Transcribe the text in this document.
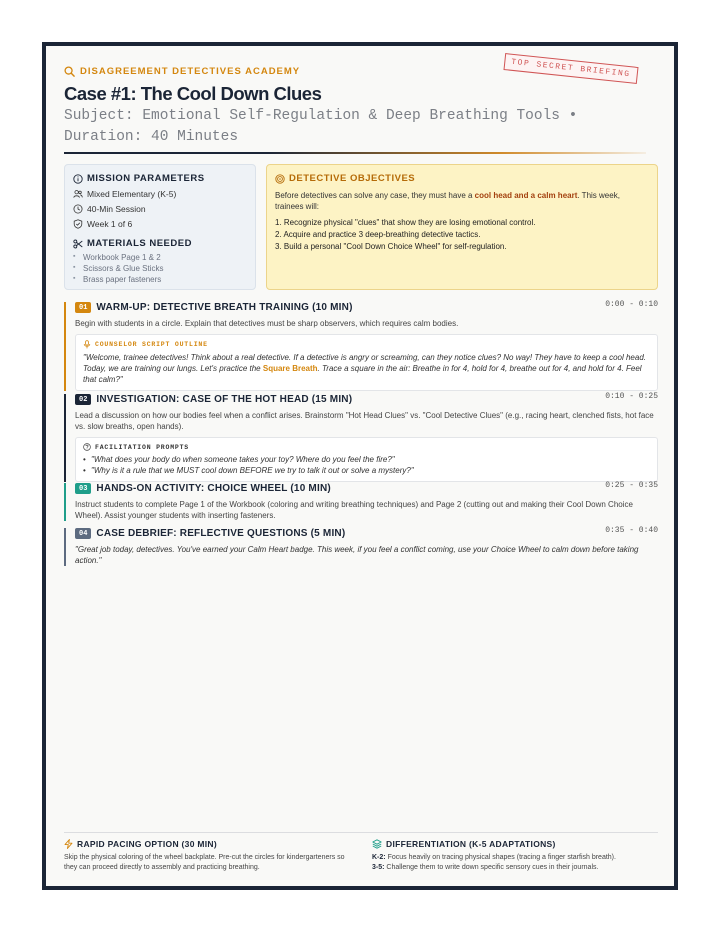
TOP SECRET BRIEFING
DISAGREEMENT DETECTIVES ACADEMY
Case #1: The Cool Down Clues
Subject: Emotional Self-Regulation & Deep Breathing Tools • Duration: 40 Minutes
MISSION PARAMETERS
Mixed Elementary (K-5)
40-Min Session
Week 1 of 6
MATERIALS NEEDED
▪ Workbook Page 1 & 2
▪ Scissors & Glue Sticks
▪ Brass paper fasteners
DETECTIVE OBJECTIVES
Before detectives can solve any case, they must have a cool head and a calm heart. This week, trainees will:
1. Recognize physical "clues" that show they are losing emotional control.
2. Acquire and practice 3 deep-breathing detective tactics.
3. Build a personal "Cool Down Choice Wheel" for self-regulation.
01 WARM-UP: DETECTIVE BREATH TRAINING (10 MIN)	0:00 - 0:10
Begin with students in a circle. Explain that detectives must be sharp observers, which requires calm bodies.
COUNSELOR SCRIPT OUTLINE
"Welcome, trainee detectives! Think about a real detective. If a detective is angry or screaming, can they notice clues? No way! They have to keep a cool head. Today, we are training our lungs. Let's practice the Square Breath. Trace a square in the air: Breathe in for 4, hold for 4, breathe out for 4, and hold for 4. Feel that calm?"
02 INVESTIGATION: CASE OF THE HOT HEAD (15 MIN)	0:10 - 0:25
Lead a discussion on how our bodies feel when a conflict arises. Brainstorm "Hot Head Clues" vs. "Cool Detective Clues" (e.g., racing heart, clenched fists, hot face vs. slow breaths, open hands).
FACILITATION PROMPTS
• "What does your body do when someone takes your toy? Where do you feel the fire?"
• "Why is it a rule that we MUST cool down BEFORE we try to talk it out or solve a mystery?"
03 HANDS-ON ACTIVITY: CHOICE WHEEL (10 MIN)	0:25 - 0:35
Instruct students to complete Page 1 of the Workbook (coloring and writing breathing techniques) and Page 2 (cutting out and making their Cool Down Choice Wheel). Assist younger students with inserting fasteners.
04 CASE DEBRIEF: REFLECTIVE QUESTIONS (5 MIN)	0:35 - 0:40
"Great job today, detectives. You've earned your Calm Heart badge. This week, if you feel a conflict coming, use your Choice Wheel to calm down before taking action."
RAPID PACING OPTION (30 MIN)
Skip the physical coloring of the wheel backplate. Pre-cut the circles for kindergarteners so they can proceed directly to assembly and practicing breathing.
DIFFERENTIATION (K-5 ADAPTATIONS)
K-2: Focus heavily on tracing physical shapes (tracing a finger starfish breath).
3-5: Challenge them to write down specific sensory cues in their journals.
